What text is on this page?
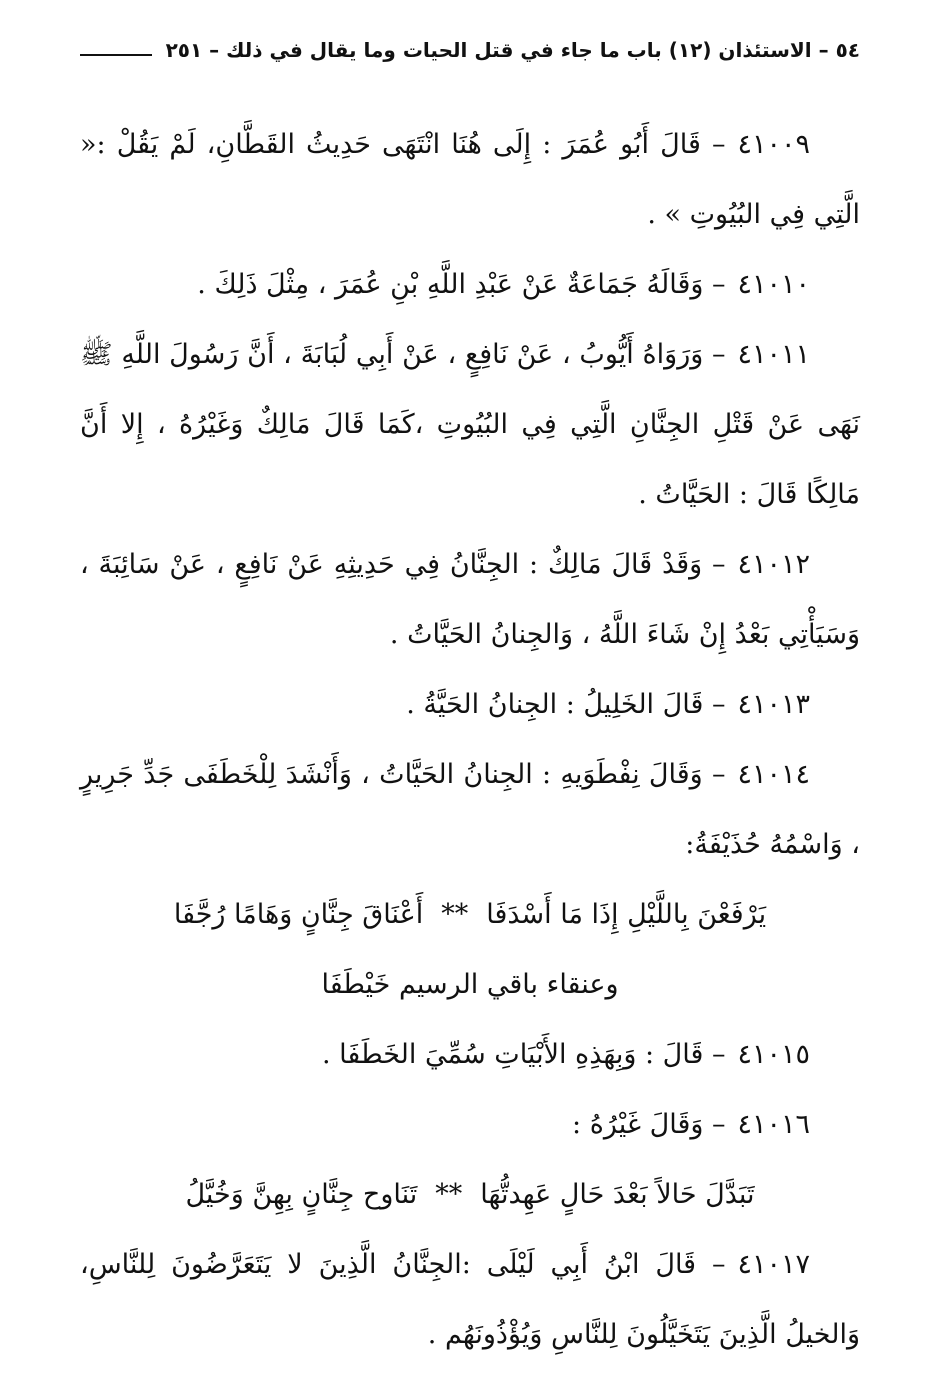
٥٤ – الاستئذان (١٢) باب ما جاء في قتل الحيات وما يقال في ذلك – ٢٥١

٤١٠٠٩– قَالَ أَبُو عُمَرَ : إِلَى هُنَا انْتَهَى حَدِيثُ القَطَّانِ، لَمْ يَقُلْ :« الَّتِي فِي البُيُوتِ » .

٤١٠١٠– وَقَالَهُ جَمَاعَةٌ عَنْ عَبْدِ اللَّهِ بْنِ عُمَرَ ، مِثْلَ ذَلِكَ .

٤١٠١١– وَرَوَاهُ أَيُّوبُ ، عَنْ نَافِعٍ ، عَنْ أَبِي لُبَابَةَ ، أَنَّ رَسُولَ اللَّهِ ﷺ نَهَى عَنْ قَتْلِ الجِنَّانِ الَّتِي فِي البُيُوتِ ،كَمَا قَالَ مَالِكٌ وَغَيْرُهُ ، إِلا أَنَّ مَالِكًا قَالَ : الحَيَّاتُ .

٤١٠١٢– وَقَدْ قَالَ مَالِكٌ : الجِنَّانُ فِي حَدِيثِهِ عَنْ نَافِعٍ ، عَنْ سَائِبَةَ ، وَسَيَأْتِي بَعْدُ إِنْ شَاءَ اللَّهُ ، وَالجِنانُ الحَيَّاتُ .

٤١٠١٣– قَالَ الخَلِيلُ : الجِنانُ الحَيَّةُ .

٤١٠١٤– وَقَالَ نِفْطَوَيهِ : الجِنانُ الحَيَّاتُ ، وَأَنْشَدَ لِلْخَطَفَى جَدِّ جَرِيرٍ ، وَاسْمُهُ حُذَيْفَةُ:

يَرْفَعْنَ بِاللَّيْلِ إِذَا مَا أَسْدَفَا**أَعْنَاقَ جِنَّانٍ وَهَامًا رُجَّفَا

وعنقاء باقي الرسيم خَيْطَفَا

٤١٠١٥– قَالَ : وَبِهَذِهِ الأَبْيَاتِ سُمِّيَ الخَطَفَا .

٤١٠١٦– وَقَالَ غَيْرُهُ :

تَبَدَّلَ حَالاً بَعْدَ حَالٍ عَهِدتُّهَا**تَنَاوح جِنَّانٍ بِهِنَّ وَخُيَّلُ

٤١٠١٧– قَالَ ابْنُ أَبِي لَيْلَى :الجِنَّانُ الَّذِينَ لا يَتَعَرَّضُونَ لِلنَّاسِ، وَالخيلُ الَّذِينَ يَتَخَيَّلُونَ لِلنَّاسِ وَيُؤْذُونَهُم .
